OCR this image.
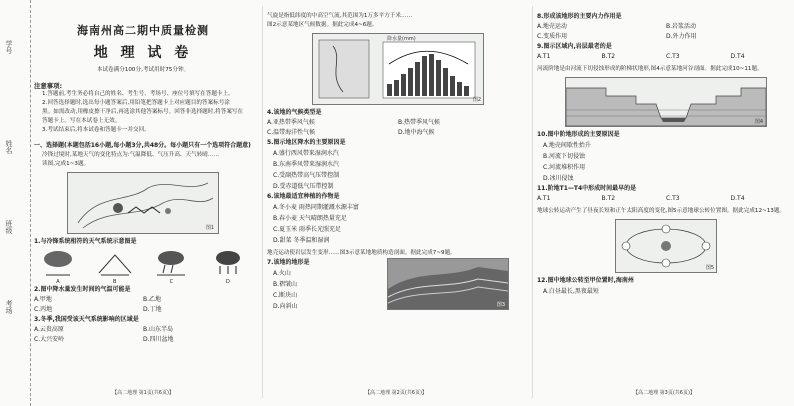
学号
姓名
班级
考场
海南州高二期中质量检测
地 理 试 卷
本试卷满分100分,考试用时75分钟。
注意事项:
1.答题前,考生务必将自己的姓名、考生号、考场号、座位号填写在答题卡上。
2.回答选择题时,选出每小题答案后,用铅笔把答题卡上对应题目的答案标号涂
黑。如需改动,用橡皮擦干净后,再选涂其他答案标号。回答非选择题时,将答案写在
答题卡上。写在本试卷上无效。
3.考试结束后,将本试卷和答题卡一并交回。
一、选择题(本题包括16小题,每小题3分,共48分。每小题只有一个选项符合题意)
冷锋过境时,某地天气的变化特点为:气温降低、气压升高、天气转晴……
读图,完成1~3题。
图1
1.与冷锋系统相符的天气系统示意图是
A	B	C	D
2.图中降水量发生时间的气温可能是
A.甲地	B.乙地
C.丙地	D.丁地
3.冬季,我国受该天气系统影响的区域是
A.云贵高原	B.山东半岛
C.大兴安岭	D.四川盆地
【高二地理 第1页(共6页)】
气旋是指低纬度的中高空气流,其范围为1万多平方千米……
图2示意某地区气候数据。据此完成4~6题。
降水量(mm)
图2
4.该地的气候类型是
A.亚热带季风气候	B.热带季风气候
C.温带海洋性气候	D.地中海气候
5.图示地区降水的主要原因是
A.盛行西风带来湿润水汽
B.东南季风带来湿润水汽
C.受副热带高气压带控制
D.受赤道低气压带控制
6.该地最适宜种植的作物是
A.冬小麦 雨热同期灌溉水源丰富
B.春小麦 天气晴朗热量充足
C.夏玉米 雨季长光照充足
D.甜菜 冬季温和湿润
地壳运动使岩层发生变形……图3示意某地地质构造剖面。据此完成7~9题。
7.该地的地形是
A.火山
B.褶皱山
C.断块山
D.向斜山	图3
【高二地理 第2页(共6页)】
8.形成该地形的主要内力作用是
A.地壳运动	B.岩浆活动
C.变质作用	D.外力作用
9.图示区域内,岩层最老的是
A.T1	B.T2	C.T3	D.T4
河流阶地是由河流下切侵蚀形成的阶梯状地形,图4示意某地河谷剖面。据此完成10~11题。
图4
10.图中阶地形成的主要原因是
A.地壳间歇性抬升
B.河流下切侵蚀
C.河流堆积作用
D.冰川侵蚀
11.阶地T1—T4中形成时间最早的是
A.T1	B.T2	C.T3	D.T4
地球公转运动产生了昼夜长短和正午太阳高度的变化,图5示意地球公转位置图。据此完成12~13题。
图5
12.图中地球公转至甲位置时,海南州
A.白昼最长,黑夜最短
【高二地理 第3页(共6页)】
